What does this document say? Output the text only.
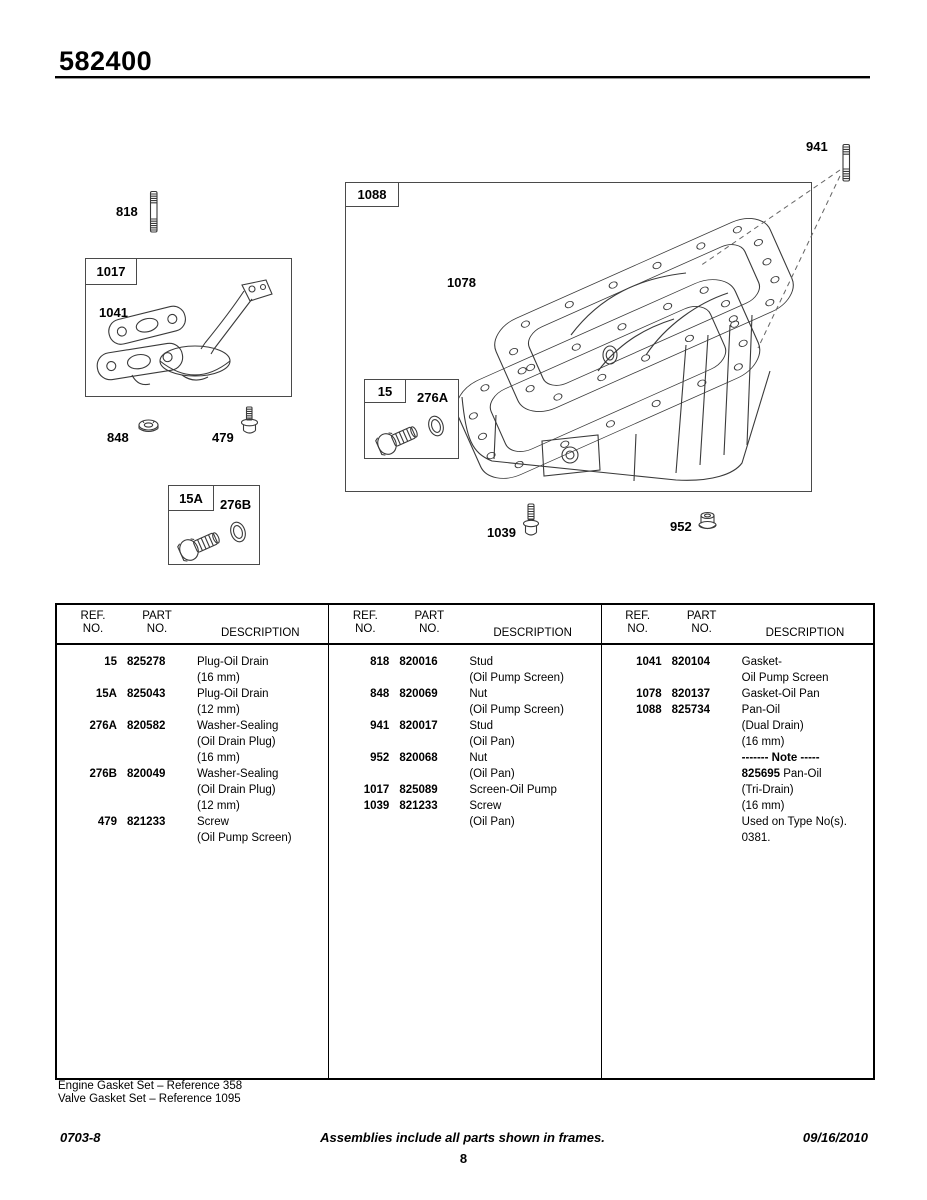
582400
818
1017
1041
848	479
15A	276B
1088
1078
15	276A
941
1039	952
REF.
NO.
PART
NO.	DESCRIPTION
15 825278	Plug-Oil Drain
(16 mm)
15A 825043	Plug-Oil Drain
(12 mm)
276A 820582	Washer-Sealing
(Oil Drain Plug)
(16 mm)
276B 820049	Washer-Sealing
(Oil Drain Plug)
(12 mm)
479 821233	Screw
(Oil Pump Screen)
REF.
NO.
PART
NO.	DESCRIPTION
818 820016	Stud
(Oil Pump Screen)
848 820069	Nut
(Oil Pump Screen)
941 820017	Stud
(Oil Pan)
952 820068	Nut
(Oil Pan)
1017 825089	Screen-Oil Pump
1039 821233	Screw
(Oil Pan)
REF.
NO.
PART
NO.	DESCRIPTION
1041 820104	Gasket-
Oil Pump Screen
1078 820137	Gasket-Oil Pan
1088 825734	Pan-Oil
(Dual Drain)
(16 mm)
------- Note -----
825695 Pan-Oil
(Tri-Drain)
(16 mm)
Used on Type No(s).
0381.
Engine Gasket Set – Reference 358
Valve Gasket Set – Reference 1095
0703-8	Assemblies include all parts shown in frames.	09/16/2010
8
